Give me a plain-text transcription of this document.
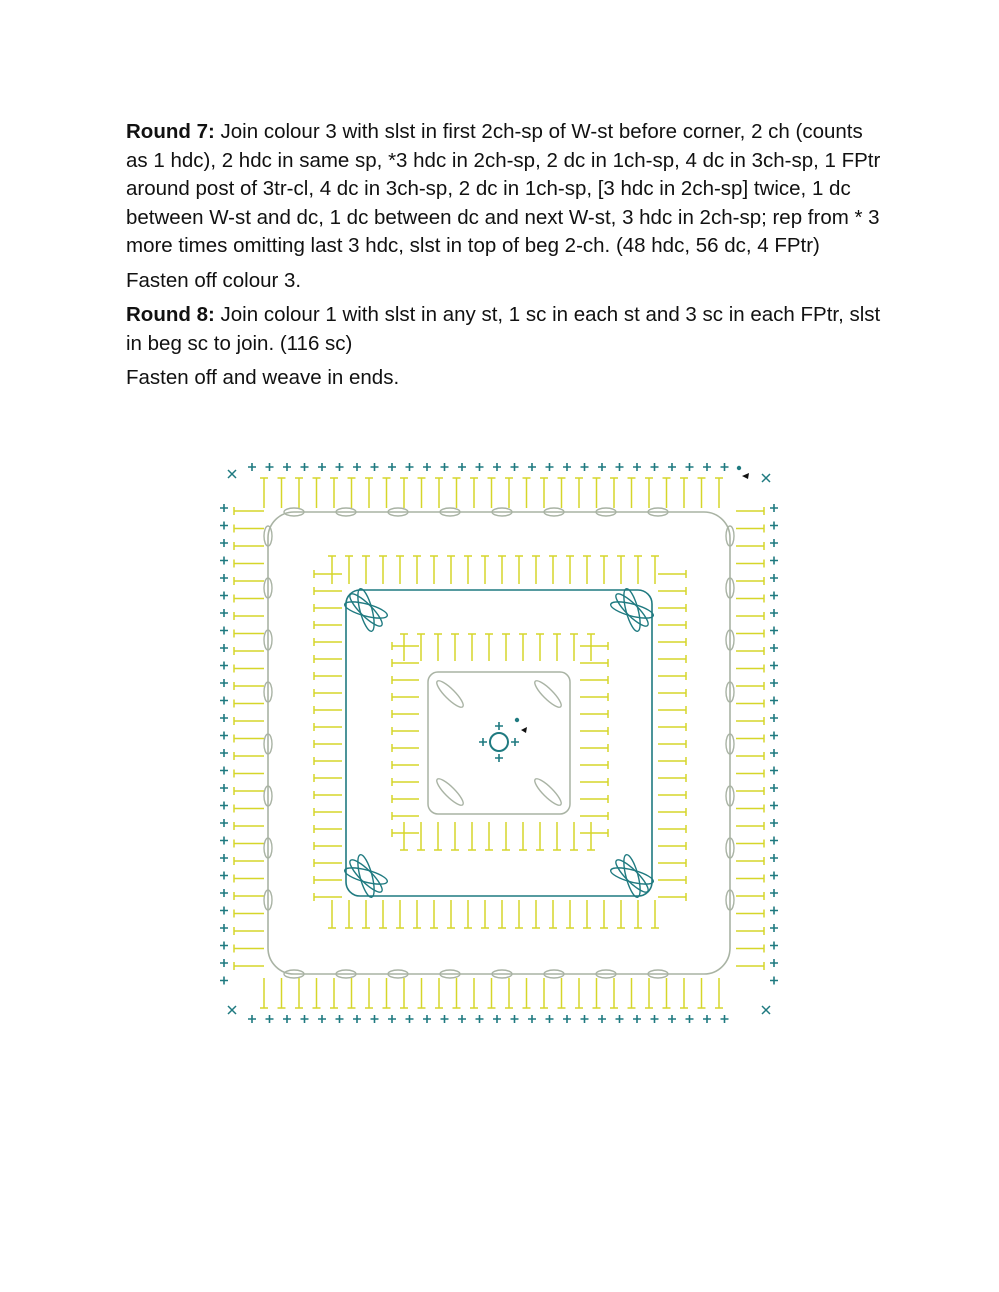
Round 7: Join colour 3 with slst in first 2ch-sp of W-st before corner, 2 ch (counts as 1 hdc), 2 hdc in same sp, *3 hdc in 2ch-sp, 2 dc in 1ch-sp, 4 dc in 3ch-sp, 1 FPtr around post of 3tr-cl, 4 dc in 3ch-sp, 2 dc in 1ch-sp, [3 hdc in 2ch-sp] twice, 1 dc between W-st and dc, 1 dc between dc and next W-st, 3 hdc in 2ch-sp; rep from * 3 more times omitting last 3 hdc, slst in top of beg 2-ch. (48 hdc, 56 dc, 4 FPtr)

Fasten off colour 3.

Round 8: Join colour 1 with slst in any st, 1 sc in each st and 3 sc in each FPtr, slst in beg sc to join. (116 sc)

Fasten off and weave in ends.
